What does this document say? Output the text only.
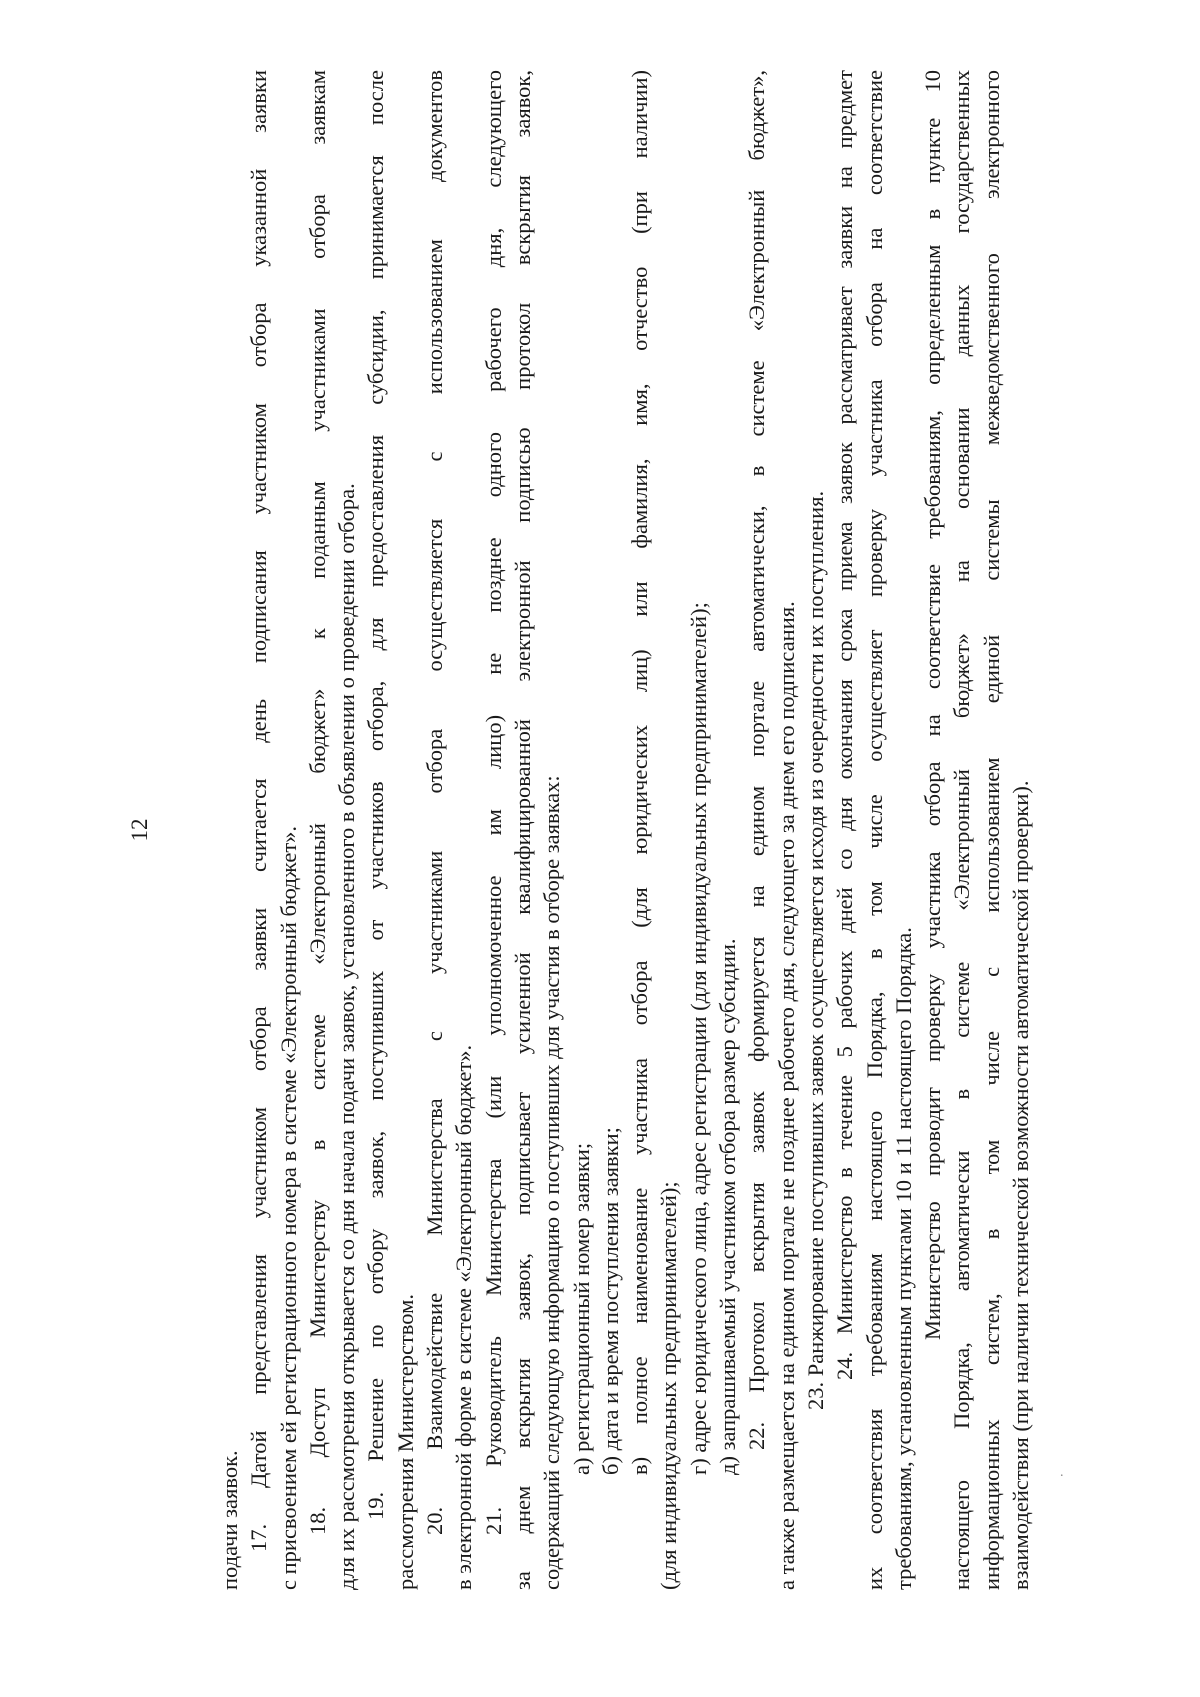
12
подачи заявок. 17. Датой представления участником отбора заявки считается день подписания участником отбора указанной заявки с присвоением ей регистрационного номера в системе «Электронный бюджет». 18. Доступ Министерству в системе «Электронный бюджет» к поданным участниками отбора заявкам для их рассмотрения открывается со дня начала подачи заявок, установленного в объявлении о проведении отбора. 19. Решение по отбору заявок, поступивших от участников отбора, для предоставления субсидии, принимается после рассмотрения Министерством. 20. Взаимодействие Министерства с участниками отбора осуществляется с использованием документов в электронной форме в системе «Электронный бюджет». 21. Руководитель Министерства (или уполномоченное им лицо) не позднее одного рабочего дня, следующего за днем вскрытия заявок, подписывает усиленной квалифицированной электронной подписью протокол вскрытия заявок, содержащий следующую информацию о поступивших для участия в отборе заявках: а) регистрационный номер заявки; б) дата и время поступления заявки; в) полное наименование участника отбора (для юридических лиц) или фамилия, имя, отчество (при наличии) (для индивидуальных предпринимателей); г) адрес юридического лица, адрес регистрации (для индивидуальных предпринимателей); д) запрашиваемый участником отбора размер субсидии. 22. Протокол вскрытия заявок формируется на едином портале автоматически, в системе «Электронный бюджет», а также размещается на едином портале не позднее рабочего дня, следующего за днем его подписания. 23. Ранжирование поступивших заявок осуществляется исходя из очередности их поступления. 24. Министерство в течение 5 рабочих дней со дня окончания срока приема заявок рассматривает заявки на предмет их соответствия требованиям настоящего Порядка, в том числе осуществляет проверку участника отбора на соответствие требованиям, установленным пунктами 10 и 11 настоящего Порядка. Министерство проводит проверку участника отбора на соответствие требованиям, определенным в пункте 10 настоящего Порядка, автоматически в системе «Электронный бюджет» на основании данных государственных информационных систем, в том числе с использованием единой системы межведомственного электронного взаимодействия (при наличии технической возможности автоматической проверки). .
